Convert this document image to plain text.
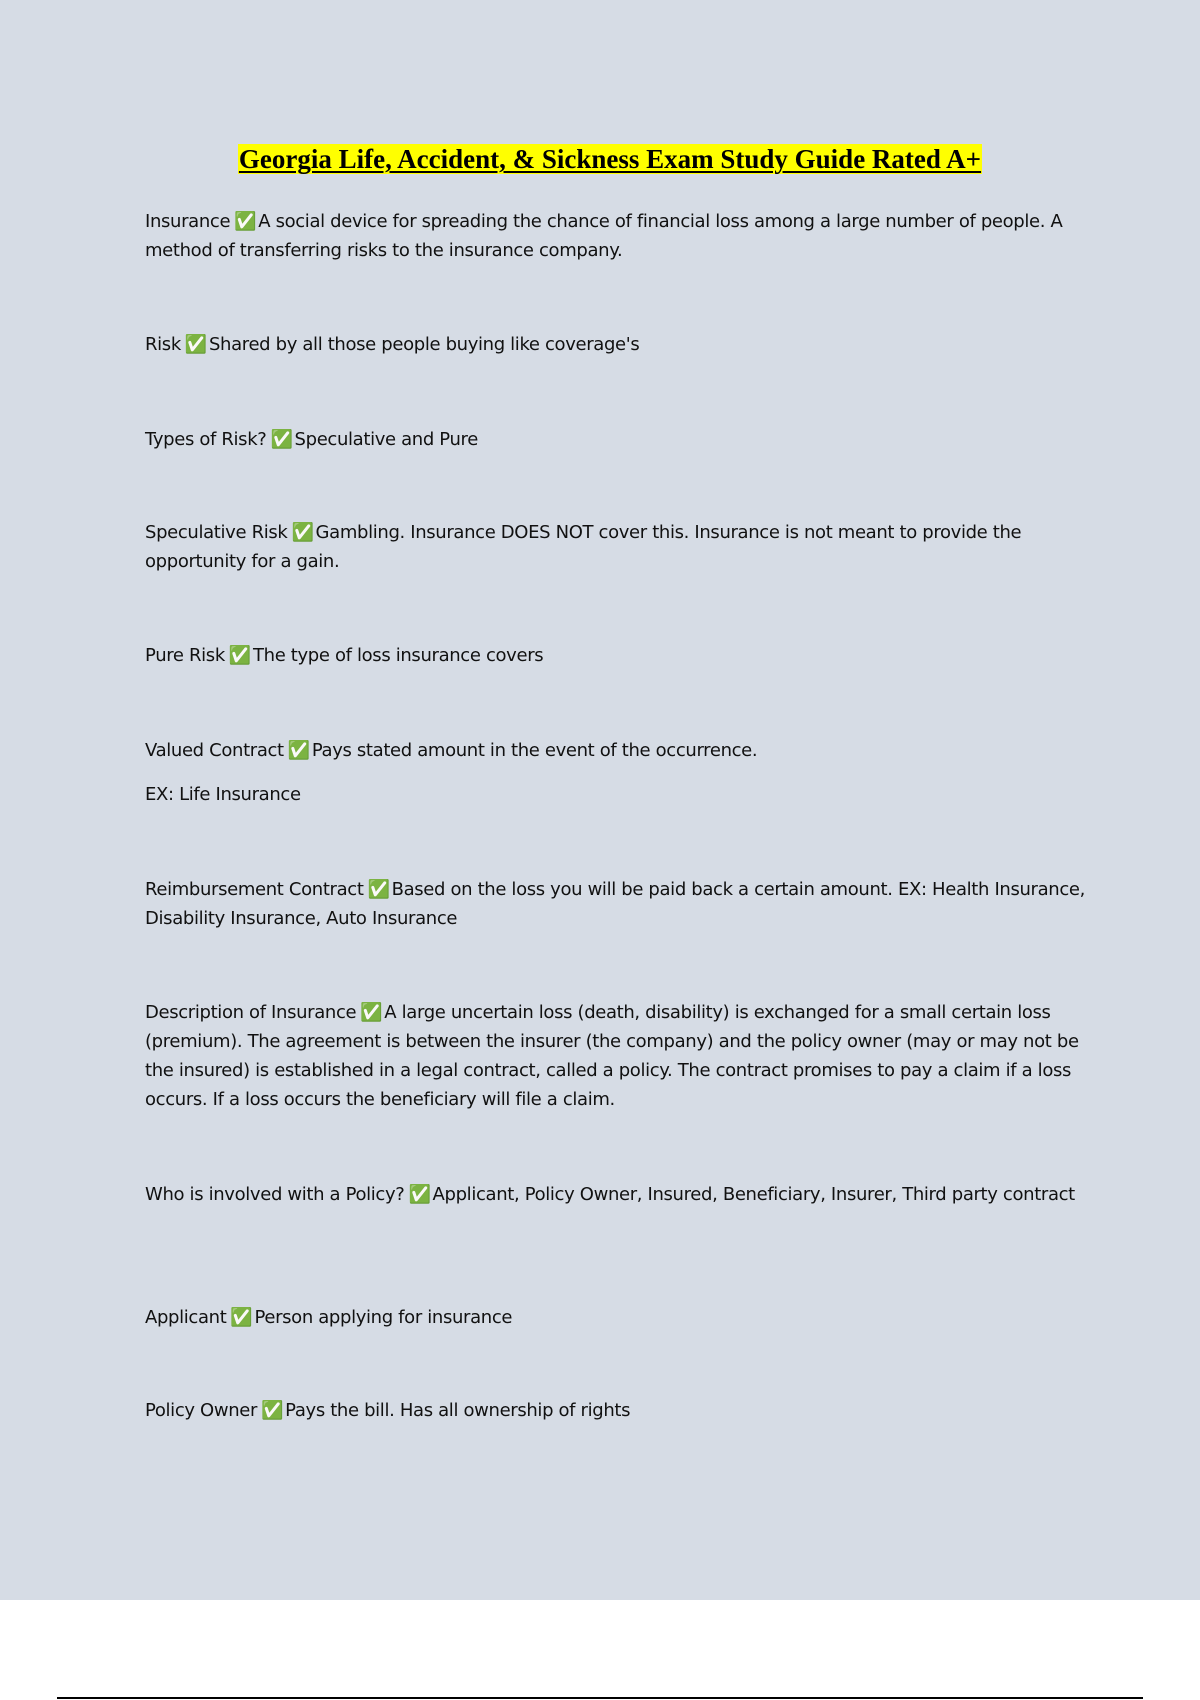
Georgia Life, Accident, & Sickness Exam Study Guide Rated A+
Insurance ✅ A social device for spreading the chance of financial loss among a large number of people. A method of transferring risks to the insurance company.
Risk ✅ Shared by all those people buying like coverage's
Types of Risk? ✅ Speculative and Pure
Speculative Risk ✅ Gambling. Insurance DOES NOT cover this. Insurance is not meant to provide the opportunity for a gain.
Pure Risk ✅ The type of loss insurance covers
Valued Contract ✅ Pays stated amount in the event of the occurrence.
EX: Life Insurance
Reimbursement Contract ✅ Based on the loss you will be paid back a certain amount. EX: Health Insurance, Disability Insurance, Auto Insurance
Description of Insurance ✅ A large uncertain loss (death, disability) is exchanged for a small certain loss (premium). The agreement is between the insurer (the company) and the policy owner (may or may not be the insured) is established in a legal contract, called a policy. The contract promises to pay a claim if a loss occurs. If a loss occurs the beneficiary will file a claim.
Who is involved with a Policy? ✅ Applicant, Policy Owner, Insured, Beneficiary, Insurer, Third party contract
Applicant ✅ Person applying for insurance
Policy Owner ✅ Pays the bill. Has all ownership of rights
